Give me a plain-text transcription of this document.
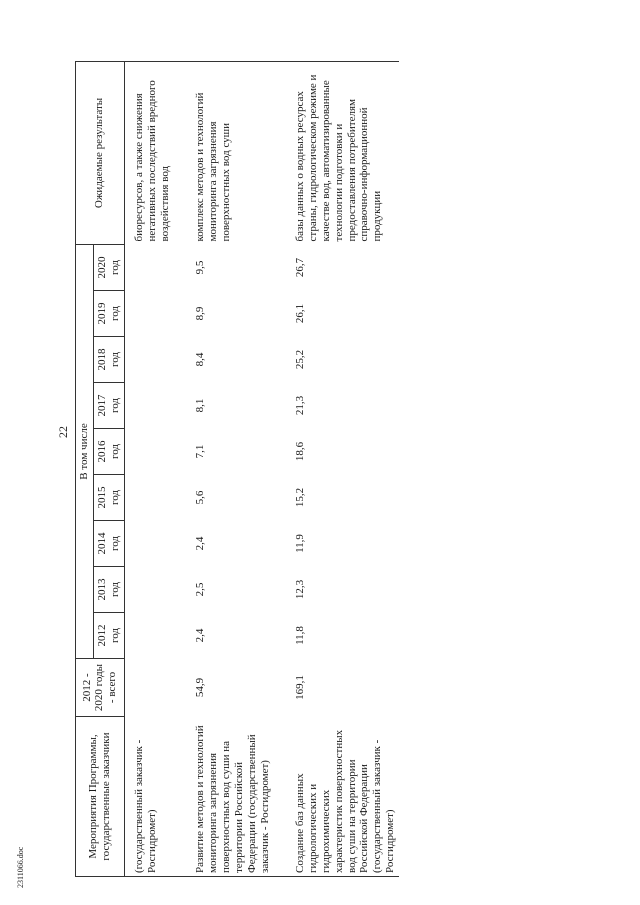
22
2311066.doc
Мероприятия Программы, государственные заказчики	2012 - 2020 годы - всего	В том числе									Ожидаемые результаты
		2012 год	2013 год	2014 год	2015 год	2016 год	2017 год	2018 год	2019 год	2020 год	
(государственный заказчик - Росгидромет)											биоресурсов, а также снижения негативных последствий вредного воздействия вод

Развитие методов и технологий мониторинга загрязнения поверхностных вод суши на территории Российской Федерации (государственный заказчик - Росгидромет)	54,9	2,4	2,5	2,4	5,6	7,1	8,1	8,4	8,9	9,5	комплекс методов и технологий мониторинга загрязнения поверхностных вод суши

Создание баз данных гидрологических и гидрохимических характеристик поверхностных вод суши на территории Российской Федерации (государственный заказчик - Росгидромет)	169,1	11,8	12,3	11,9	15,2	18,6	21,3	25,2	26,1	26,7	базы данных о водных ресурсах страны, гидрологическом режиме и качестве вод, автоматизированные технологии подготовки и предоставления потребителям справочно-информационной продукции
